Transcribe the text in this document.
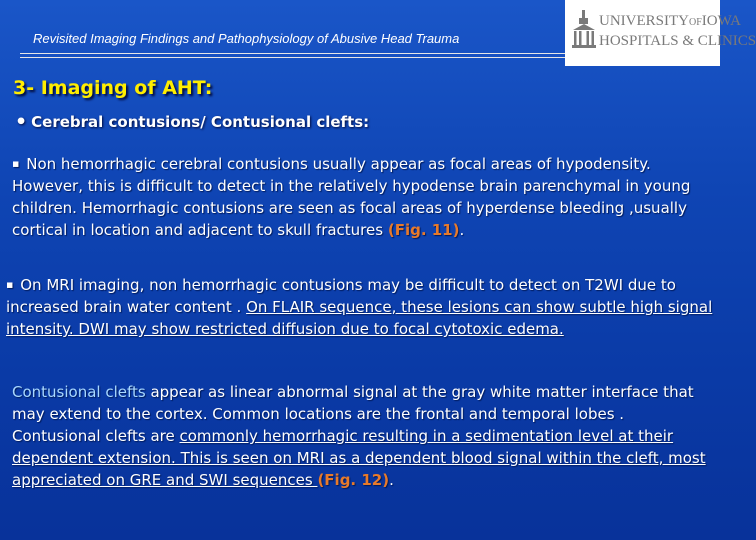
Revisited Imaging Findings and Pathophysiology of Abusive Head Trauma
UNIVERSITYOFIOWA
HOSPITALS & CLINICS
3- Imaging of AHT:
• Cerebral contusions/ Contusional clefts:
▪ Non hemorrhagic cerebral contusions usually appear as focal areas of hypodensity. However, this is difficult to detect in the relatively hypodense brain parenchymal in young children. Hemorrhagic contusions are seen as focal areas of hyperdense bleeding ,usually cortical in location and adjacent to skull fractures (Fig. 11).
▪ On MRI imaging, non hemorrhagic contusions may be difficult to detect on T2WI due to increased brain water content . On FLAIR sequence, these lesions can show subtle high signal intensity. DWI may show restricted diffusion due to focal cytotoxic edema.
Contusional clefts appear as linear abnormal signal at the gray white matter interface that may extend to the cortex. Common locations are the frontal and temporal lobes . Contusional clefts are commonly hemorrhagic resulting in a sedimentation level at their dependent extension. This is seen on MRI as a dependent blood signal within the cleft, most appreciated on GRE and SWI sequences (Fig. 12).
